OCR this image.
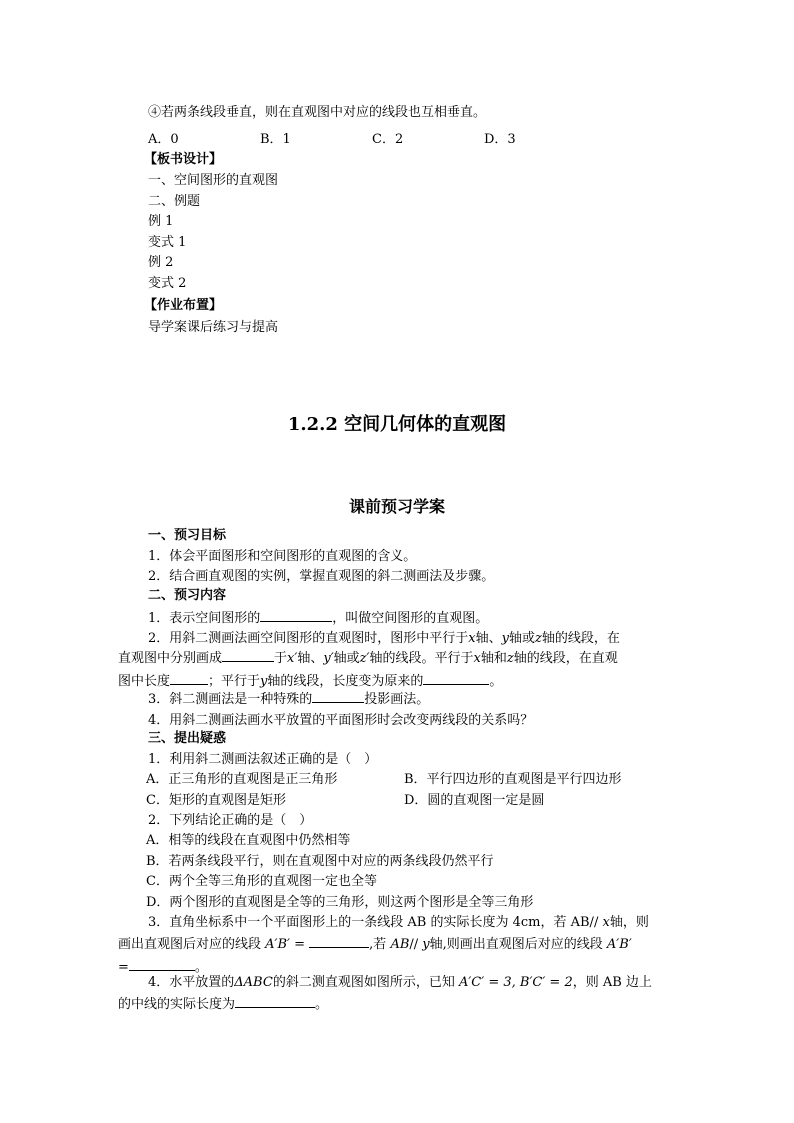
④若两条线段垂直，则在直观图中对应的线段也互相垂直。
A．0	B．1	C．2	D．3
【板书设计】
一、空间图形的直观图
二、例题
例 1
变式 1
例 2
变式 2
【作业布置】
导学案课后练习与提高
1.2.2 空间几何体的直观图
课前预习学案
一、预习目标
1．体会平面图形和空间图形的直观图的含义。
2．结合画直观图的实例，掌握直观图的斜二测画法及步骤。
二、预习内容
1．表示空间图形的	，叫做空间图形的直观图。
2．用斜二测画法画空间图形的直观图时，图形中平行于x轴、y轴或z轴的线段，在
直观图中分别画成	于x′轴、y′轴或z′轴的线段。平行于x轴和z轴的线段，在直观
图中长度	；平行于y轴的线段，长度变为原来的	。
3．斜二测画法是一种特殊的	投影画法。
4．用斜二测画法画水平放置的平面图形时会改变两线段的关系吗？
三、提出疑惑
1．利用斜二测画法叙述正确的是（　）
A．正三角形的直观图是正三角形	B．平行四边形的直观图是平行四边形
C．矩形的直观图是矩形	D．圆的直观图一定是圆
2．下列结论正确的是（　）
A．相等的线段在直观图中仍然相等
B．若两条线段平行，则在直观图中对应的两条线段仍然平行
C．两个全等三角形的直观图一定也全等
D．两个图形的直观图是全等的三角形，则这两个图形是全等三角形
3．直角坐标系中一个平面图形上的一条线段 AB 的实际长度为 4cm，若 AB// x轴，则
画出直观图后对应的线段 A′B′ =	,若 AB// y轴,则画出直观图后对应的线段 A′B′
=	。
4．水平放置的ΔABC的斜二测直观图如图所示，已知 A′C′ = 3, B′C′ = 2，则 AB 边上
的中线的实际长度为	。
